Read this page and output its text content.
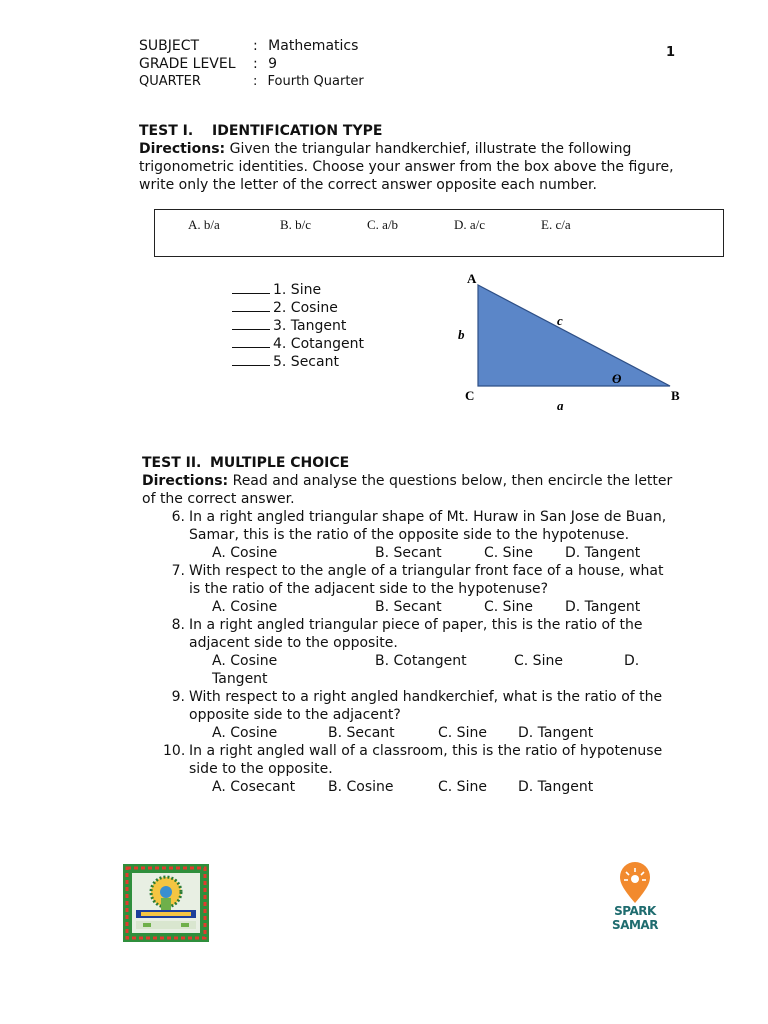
SUBJECT	: Mathematics
GRADE LEVEL : 9
QUARTER	: Fourth Quarter
1
TEST I. IDENTIFICATION TYPE
Directions: Given the triangular handkerchief, illustrate the following
trigonometric identities. Choose your answer from the box above the figure,
write only the letter of the correct answer opposite each number.
A. b/a	B. b/c	C. a/b	D. a/c	E. c/a
1. Sine
2. Cosine
3. Tangent
4. Cotangent
5. Secant
A
C	B
b
c
a
ϴ
TEST II. MULTIPLE CHOICE
Directions: Read and analyse the questions below, then encircle the letter
of the correct answer.
6. In a right angled triangular shape of Mt. Huraw in San Jose de Buan,
Samar, this is the ratio of the opposite side to the hypotenuse.
A. Cosine	B. Secant	C. Sine D. Tangent
7. With respect to the angle of a triangular front face of a house, what
is the ratio of the adjacent side to the hypotenuse?
A. Cosine	B. Secant	C. Sine D. Tangent
8. In a right angled triangular piece of paper, this is the ratio of the
adjacent side to the opposite.
A. Cosine	B. Cotangent	C. Sine	D.
Tangent
9. With respect to a right angled handkerchief, what is the ratio of the
opposite side to the adjacent?
A. Cosine	B. Secant	C. Sine D. Tangent
10. In a right angled wall of a classroom, this is the ratio of hypotenuse
side to the opposite.
A. Cosecant B. Cosine	C. Sine D. Tangent
SPARK
SAMAR
